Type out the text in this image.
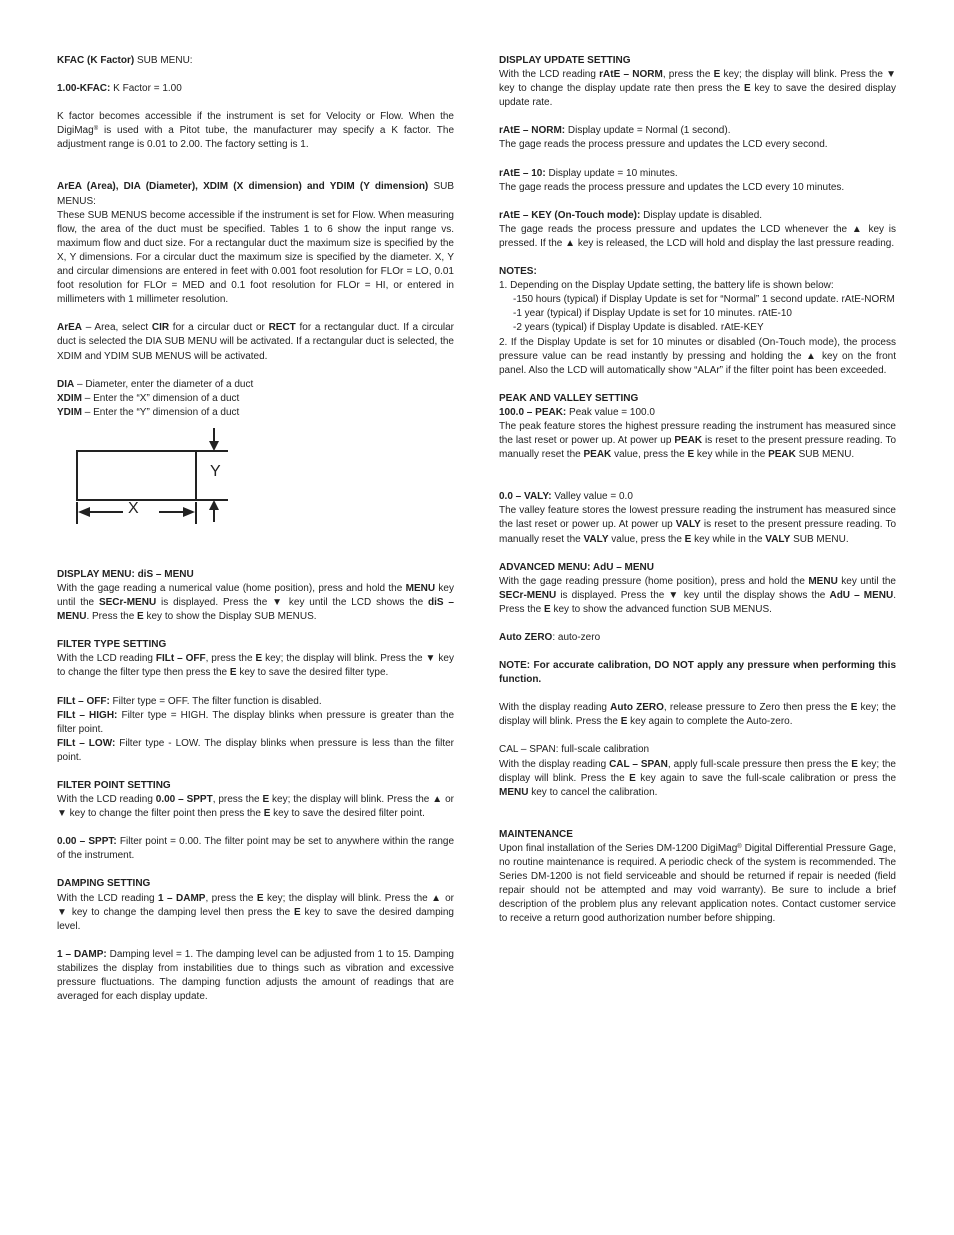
KFAC (K Factor) SUB MENU:

1.00-KFAC: K Factor = 1.00

K factor becomes accessible if the instrument is set for Velocity or Flow. When the DigiMag® is used with a Pitot tube, the manufacturer may specify a K factor. The adjustment range is 0.01 to 2.00. The factory setting is 1.

ArEA (Area), DIA (Diameter), XDIM (X dimension) and YDIM (Y dimension) SUB MENUS:

These SUB MENUS become accessible if the instrument is set for Flow. When measuring flow, the area of the duct must be specified. Tables 1 to 6 show the input range vs. maximum flow and duct size. For a rectangular duct the maximum size is specified by the X, Y dimensions. For a circular duct the maximum size is specified by the diameter. X, Y and circular dimensions are entered in feet with 0.001 foot resolution for FLOr = LO, 0.01 foot resolution for FLOr = MED and 0.1 foot resolution for FLOr = HI, or entered in millimeters with 1 millimeter resolution.

ArEA – Area, select CIR for a circular duct or RECT for a rectangular duct. If a circular duct is selected the DIA SUB MENU will be activated. If a rectangular duct is selected, the XDIM and YDIM SUB MENUS will be activated.

DIA – Diameter, enter the diameter of a duct

XDIM – Enter the “X” dimension of a duct

YDIM – Enter the “Y” dimension of a duct

Y
X

DISPLAY MENU: diS – MENU

With the gage reading a numerical value (home position), press and hold the MENU key until the SECr-MENU is displayed. Press the ▼ key until the LCD shows the diS – MENU. Press the E key to show the Display SUB MENUS.

FILTER TYPE SETTING

With the LCD reading FILt – OFF, press the E key; the display will blink. Press the ▼ key to change the filter type then press the E key to save the desired filter type.

FILt – OFF: Filter type = OFF. The filter function is disabled.

FILt – HIGH: Filter type = HIGH. The display blinks when pressure is greater than the filter point.

FILt – LOW: Filter type - LOW. The display blinks when pressure is less than the filter point.

FILTER POINT SETTING

With the LCD reading 0.00 – SPPT, press the E key; the display will blink. Press the ▲ or ▼ key to change the filter point then press the E key to save the desired filter point.

0.00 – SPPT: Filter point = 0.00. The filter point may be set to anywhere within the range of the instrument.

DAMPING SETTING

With the LCD reading 1 – DAMP, press the E key; the display will blink. Press the ▲ or ▼ key to change the damping level then press the E key to save the desired damping level.

1 – DAMP: Damping level = 1. The damping level can be adjusted from 1 to 15. Damping stabilizes the display from instabilities due to things such as vibration and excessive pressure fluctuations. The damping function adjusts the amount of readings that are averaged for each display update.

DISPLAY UPDATE SETTING

With the LCD reading rAtE – NORM, press the E key; the display will blink. Press the ▼ key to change the display update rate then press the E key to save the desired display update rate.

rAtE – NORM: Display update = Normal (1 second).

The gage reads the process pressure and updates the LCD every second.

rAtE – 10: Display update = 10 minutes.

The gage reads the process pressure and updates the LCD every 10 minutes.

rAtE – KEY (On-Touch mode): Display update is disabled.

The gage reads the process pressure and updates the LCD whenever the ▲ key is pressed. If the ▲ key is released, the LCD will hold and display the last pressure reading.

NOTES:

1. Depending on the Display Update setting, the battery life is shown below:

-150 hours (typical) if Display Update is set for “Normal” 1 second update. rAtE-NORM

-1 year (typical) if Display Update is set for 10 minutes. rAtE-10

-2 years (typical) if Display Update is disabled. rAtE-KEY

2. If the Display Update is set for 10 minutes or disabled (On-Touch mode), the process pressure value can be read instantly by pressing and holding the ▲ key on the front panel. Also the LCD will automatically show “ALAr” if the filter point has been exceeded.

PEAK AND VALLEY SETTING

100.0 – PEAK: Peak value = 100.0

The peak feature stores the highest pressure reading the instrument has measured since the last reset or power up. At power up PEAK is reset to the present pressure reading. To manually reset the PEAK value, press the E key while in the PEAK SUB MENU.

0.0 – VALY: Valley value = 0.0

The valley feature stores the lowest pressure reading the instrument has measured since the last reset or power up. At power up VALY is reset to the present pressure reading. To manually reset the VALY value, press the E key while in the VALY SUB MENU.

ADVANCED MENU: AdU – MENU

With the gage reading pressure (home position), press and hold the MENU key until the SECr-MENU is displayed. Press the ▼ key until the display shows the AdU – MENU. Press the E key to show the advanced function SUB MENUS.

Auto ZERO: auto-zero

NOTE: For accurate calibration, DO NOT apply any pressure when performing this function.

With the display reading Auto ZERO, release pressure to Zero then press the E key; the display will blink. Press the E key again to complete the Auto-zero.

CAL – SPAN: full-scale calibration

With the display reading CAL – SPAN, apply full-scale pressure then press the E key; the display will blink. Press the E key again to save the full-scale calibration or press the MENU key to cancel the calibration.

MAINTENANCE

Upon final installation of the Series DM-1200 DigiMag® Digital Differential Pressure Gage, no routine maintenance is required. A periodic check of the system is recommended. The Series DM-1200 is not field serviceable and should be returned if repair is needed (field repair should not be attempted and may void warranty). Be sure to include a brief description of the problem plus any relevant application notes. Contact customer service to receive a return good authorization number before shipping.
